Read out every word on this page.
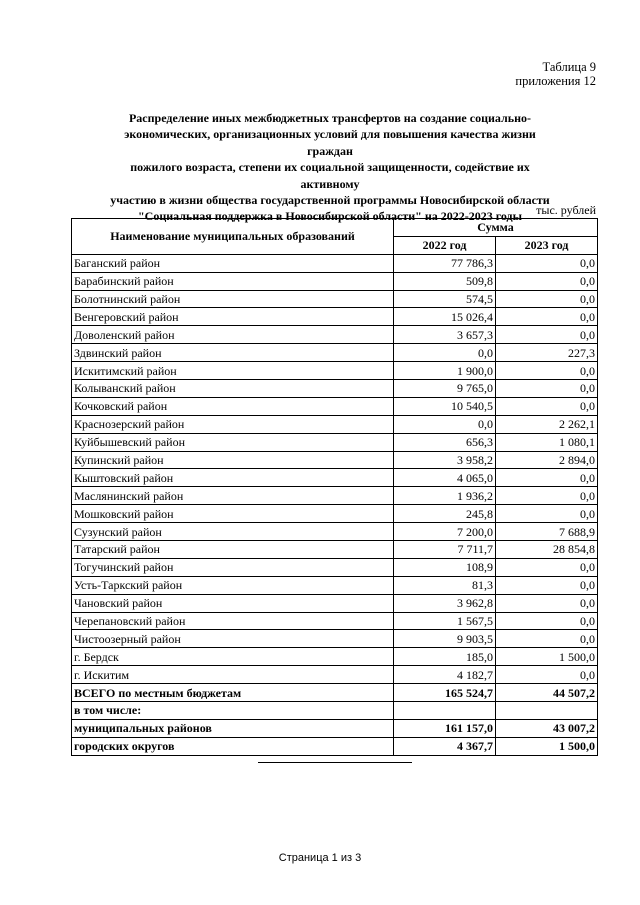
Таблица 9
приложения 12
Распределение иных межбюджетных трансфертов на создание социально-
экономических, организационных условий для повышения качества жизни граждан
пожилого возраста, степени их социальной защищенности, содействие их активному
участию в жизни общества государственной программы Новосибирской области
"Социальная поддержка в Новосибирской области" на 2022-2023 годы	тыс. рублей
Наименование муниципальных образований	Сумма	
	2022 год	2023 год
Баганский район	77 786,3	0,0
Барабинский район	509,8	0,0
Болотнинский район	574,5	0,0
Венгеровский район	15 026,4	0,0
Доволенский район	3 657,3	0,0
Здвинский район	0,0	227,3
Искитимский район	1 900,0	0,0
Колыванский район	9 765,0	0,0
Кочковский район	10 540,5	0,0
Краснозерский район	0,0	2 262,1
Куйбышевский район	656,3	1 080,1
Купинский район	3 958,2	2 894,0
Кыштовский район	4 065,0	0,0
Маслянинский район	1 936,2	0,0
Мошковский район	245,8	0,0
Сузунский район	7 200,0	7 688,9
Татарский район	7 711,7	28 854,8
Тогучинский район	108,9	0,0
Усть-Таркский район	81,3	0,0
Чановский район	3 962,8	0,0
Черепановский район	1 567,5	0,0
Чистоозерный район	9 903,5	0,0
г. Бердск	185,0	1 500,0
г. Искитим	4 182,7	0,0
ВСЕГО по местным бюджетам	165 524,7	44 507,2
в том числе:		
муниципальных районов	161 157,0	43 007,2
городских округов	4 367,7	1 500,0
Страница 1 из 3
